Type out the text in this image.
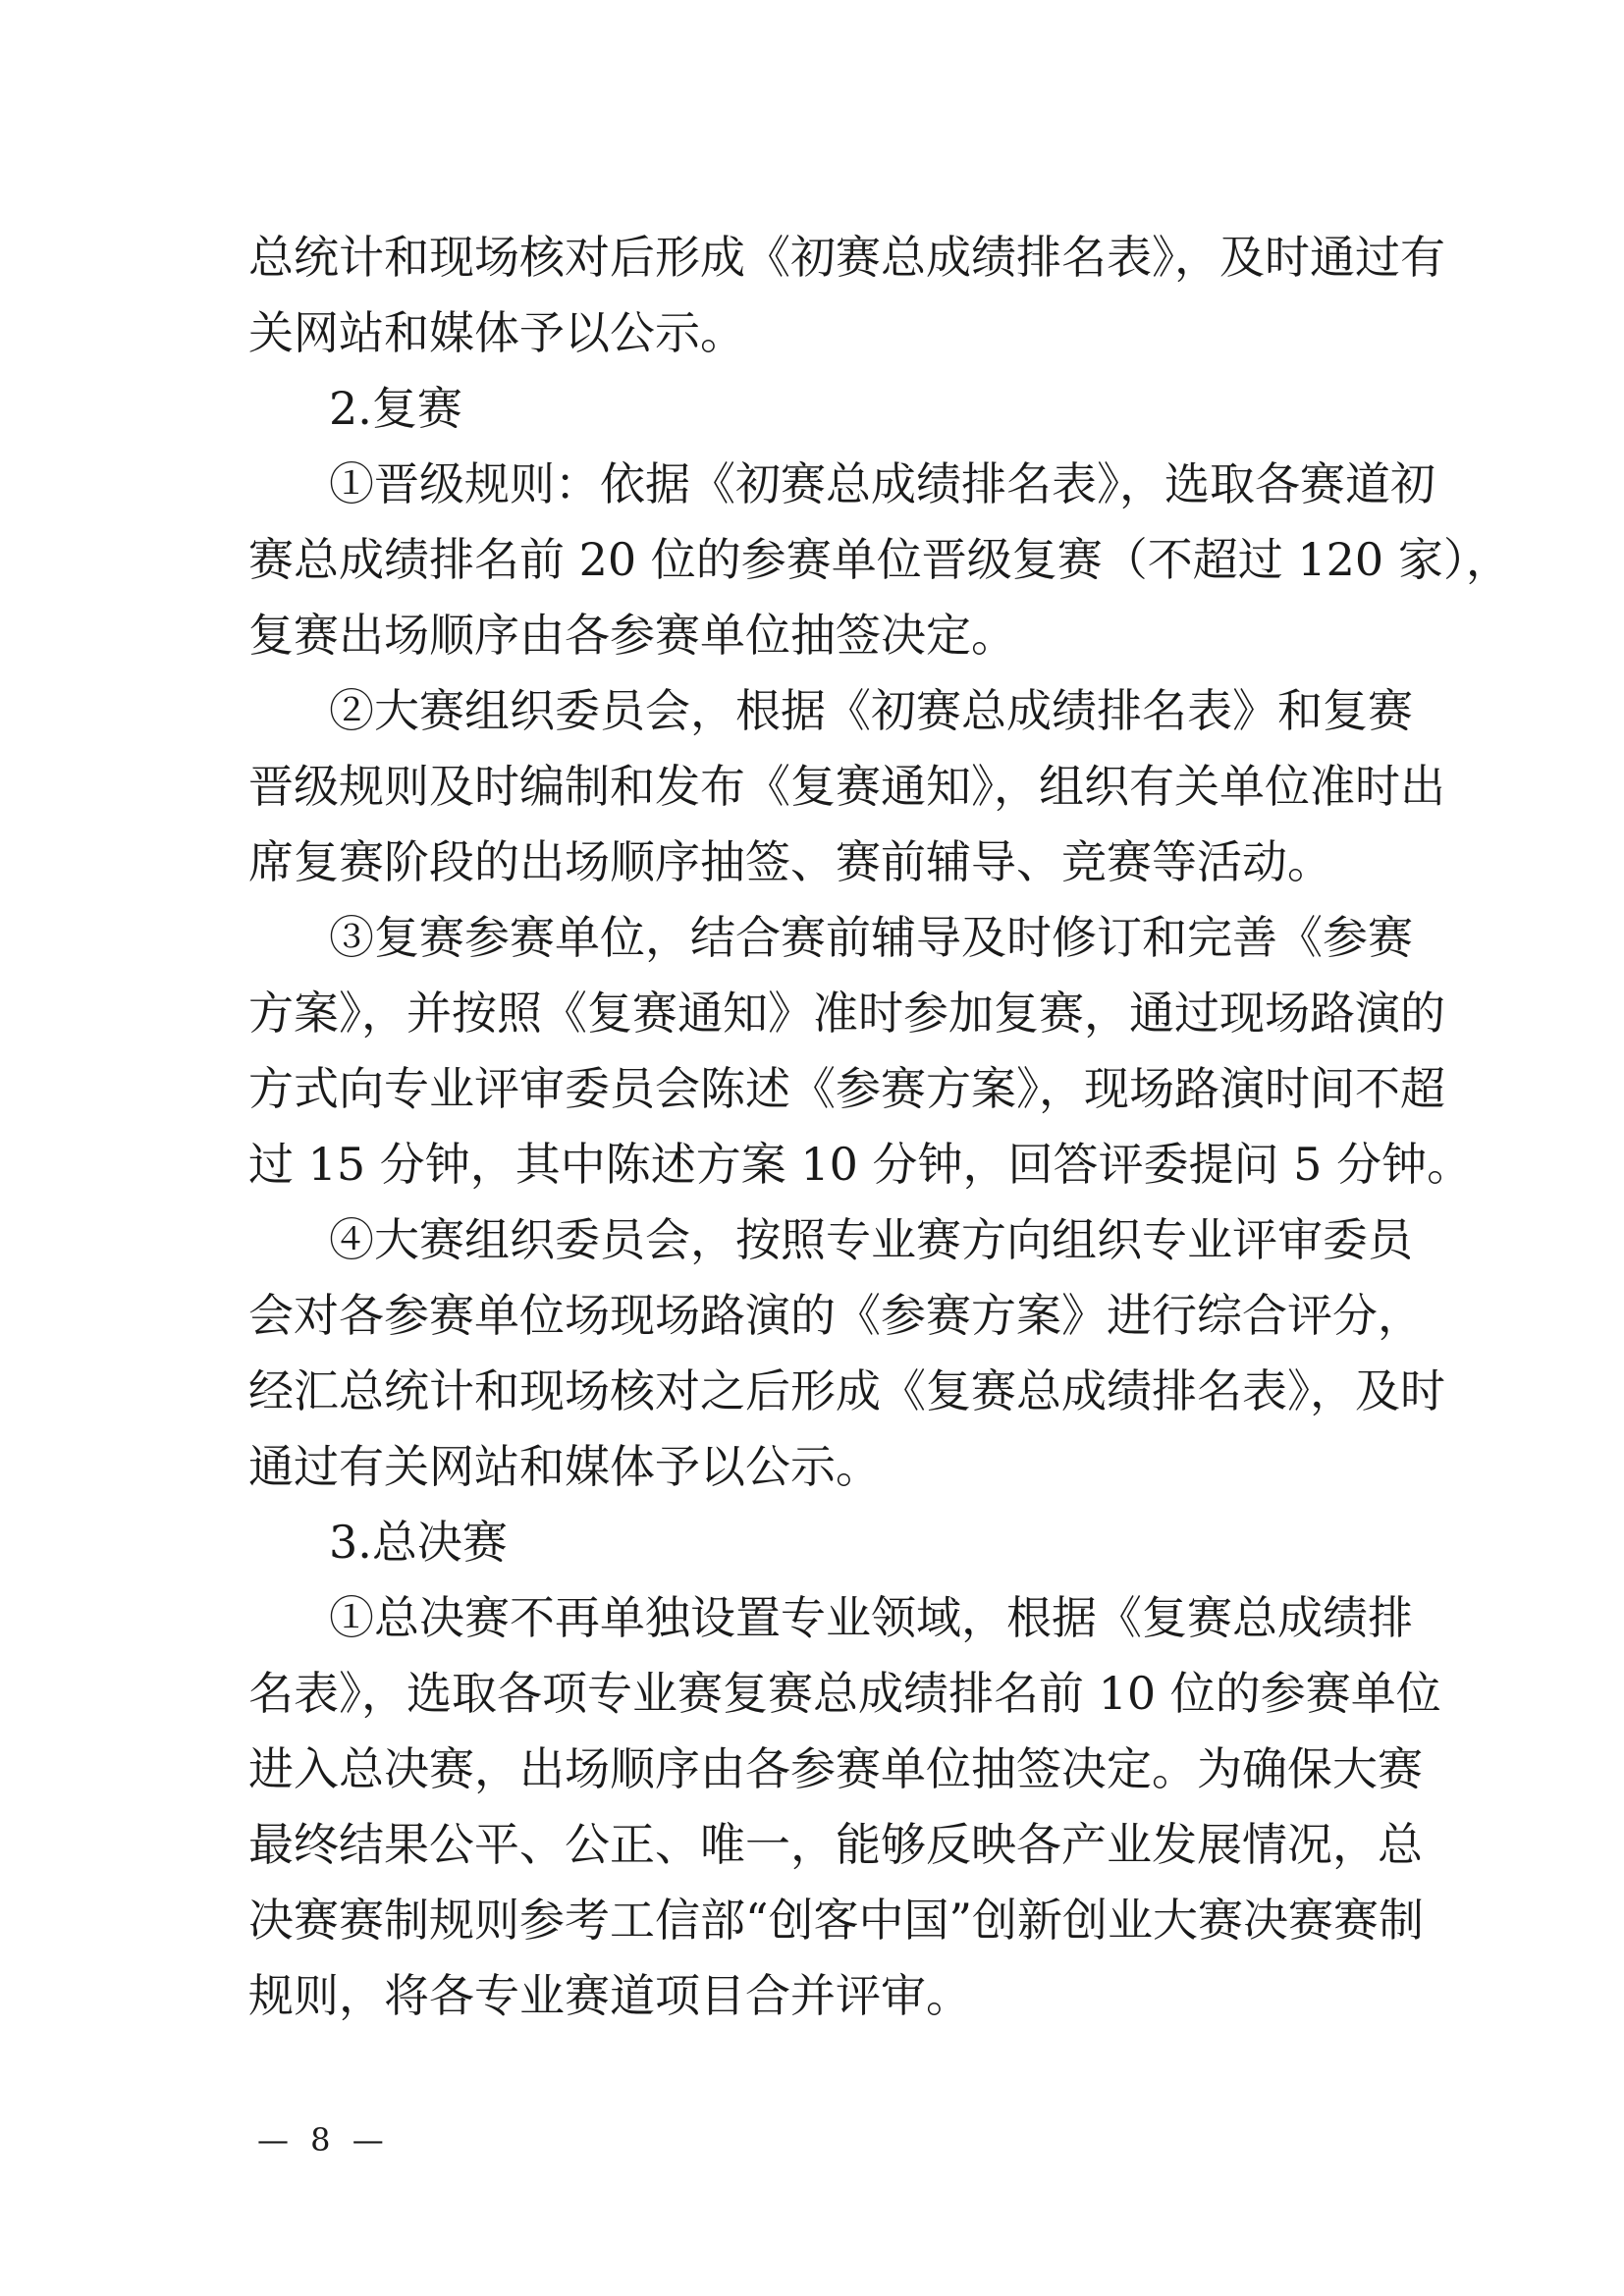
总统计和现场核对后形成《初赛总成绩排名表》，及时通过有
关网站和媒体予以公示。
2.复赛
①晋级规则：依据《初赛总成绩排名表》，选取各赛道初
赛总成绩排名前 20 位的参赛单位晋级复赛（不超过 120 家），
复赛出场顺序由各参赛单位抽签决定。
②大赛组织委员会，根据《初赛总成绩排名表》和复赛
晋级规则及时编制和发布《复赛通知》，组织有关单位准时出
席复赛阶段的出场顺序抽签、赛前辅导、竞赛等活动。
③复赛参赛单位，结合赛前辅导及时修订和完善《参赛
方案》，并按照《复赛通知》准时参加复赛，通过现场路演的
方式向专业评审委员会陈述《参赛方案》，现场路演时间不超
过 15 分钟，其中陈述方案 10 分钟，回答评委提问 5 分钟。
④大赛组织委员会，按照专业赛方向组织专业评审委员
会对各参赛单位场现场路演的《参赛方案》进行综合评分，
经汇总统计和现场核对之后形成《复赛总成绩排名表》，及时
通过有关网站和媒体予以公示。
3.总决赛
①总决赛不再单独设置专业领域，根据《复赛总成绩排
名表》，选取各项专业赛复赛总成绩排名前 10 位的参赛单位
进入总决赛，出场顺序由各参赛单位抽签决定。为确保大赛
最终结果公平、公正、唯一，能够反映各产业发展情况，总
决赛赛制规则参考工信部“创客中国”创新创业大赛决赛赛制
规则，将各专业赛道项目合并评审。
— 8 —
